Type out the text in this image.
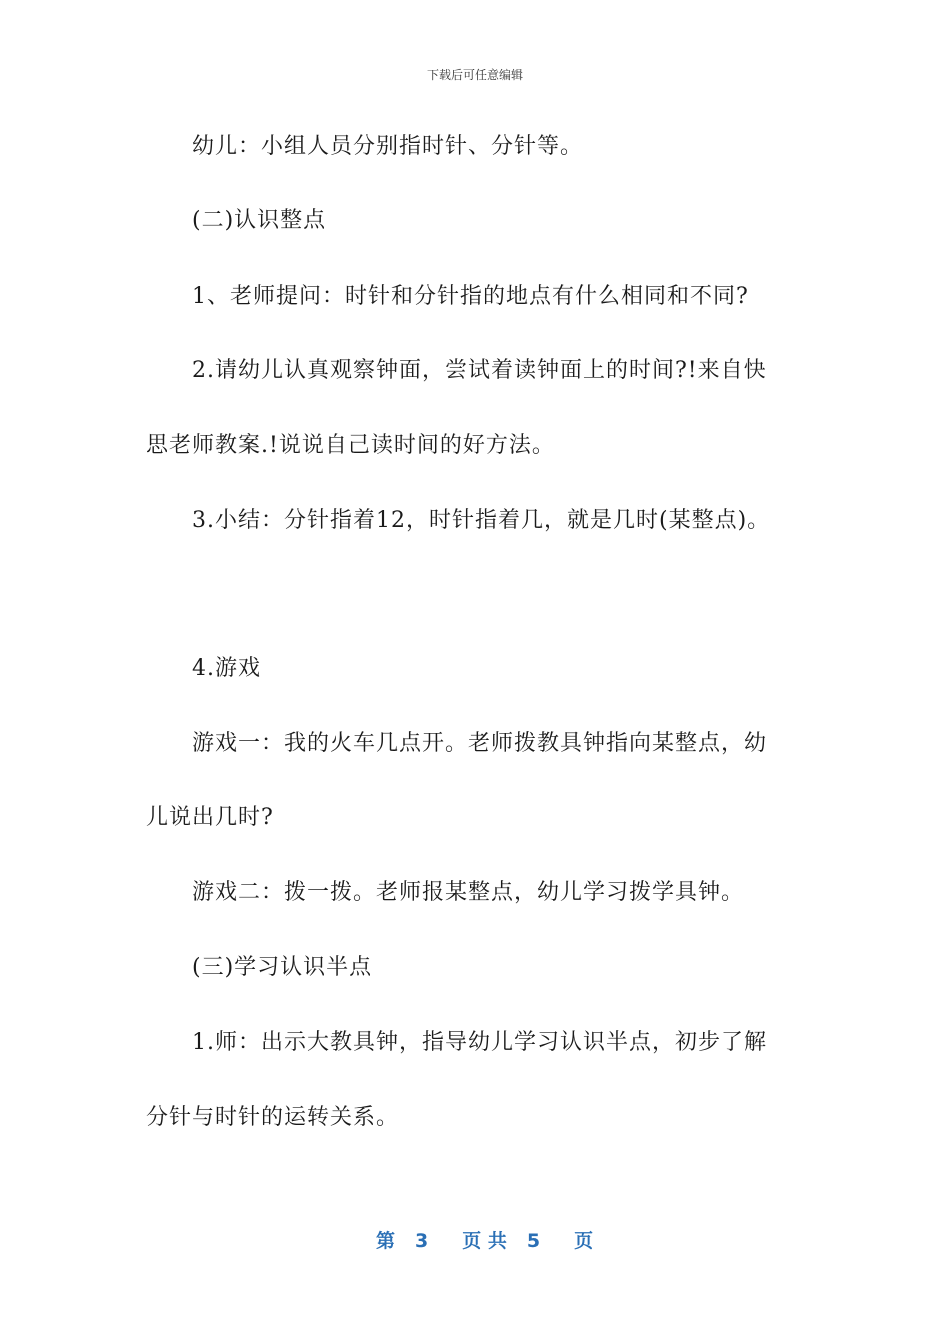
下载后可任意编辑
幼儿：小组人员分别指时针、分针等。
(二)认识整点
1、老师提问：时针和分针指的地点有什么相同和不同?
2.请幼儿认真观察钟面，尝试着读钟面上的时间?!来自快
思老师教案.!说说自己读时间的好方法。
3.小结：分针指着12，时针指着几，就是几时(某整点)。
4.游戏
游戏一：我的火车几点开。老师拨教具钟指向某整点，幼
儿说出几时?
游戏二：拨一拨。老师报某整点，幼儿学习拨学具钟。
(三)学习认识半点
1.师：出示大教具钟，指导幼儿学习认识半点，初步了解
分针与时针的运转关系。
第 3 页 共 5 页
